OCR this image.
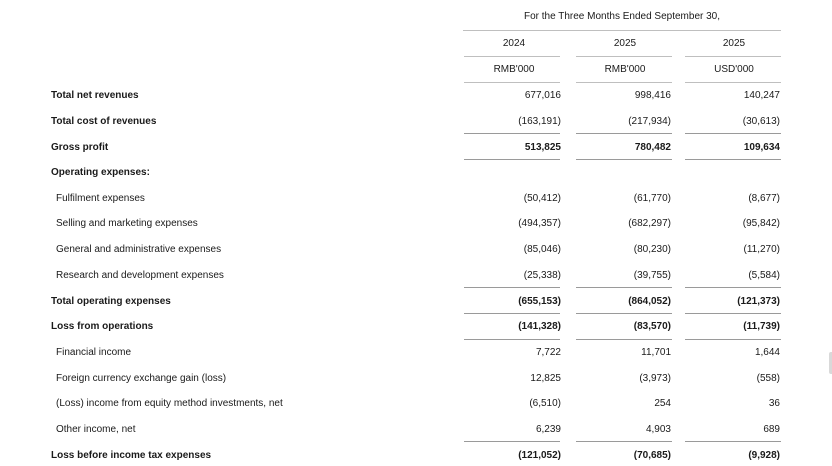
For the Three Months Ended September 30,
2024	2025	2025
RMB'000	RMB'000	USD'000
Total net revenues	677,016	998,416	140,247
Total cost of revenues	(163,191)	(217,934)	(30,613)
Gross profit	513,825	780,482	109,634
Operating expenses:
Fulfilment expenses	(50,412)	(61,770)	(8,677)
Selling and marketing expenses	(494,357)	(682,297)	(95,842)
General and administrative expenses	(85,046)	(80,230)	(11,270)
Research and development expenses	(25,338)	(39,755)	(5,584)
Total operating expenses	(655,153)	(864,052)	(121,373)
Loss from operations	(141,328)	(83,570)	(11,739)
Financial income	7,722	11,701	1,644
Foreign currency exchange gain (loss)	12,825	(3,973)	(558)
(Loss) income from equity method investments, net	(6,510)	254	36
Other income, net	6,239	4,903	689
Loss before income tax expenses	(121,052)	(70,685)	(9,928)
